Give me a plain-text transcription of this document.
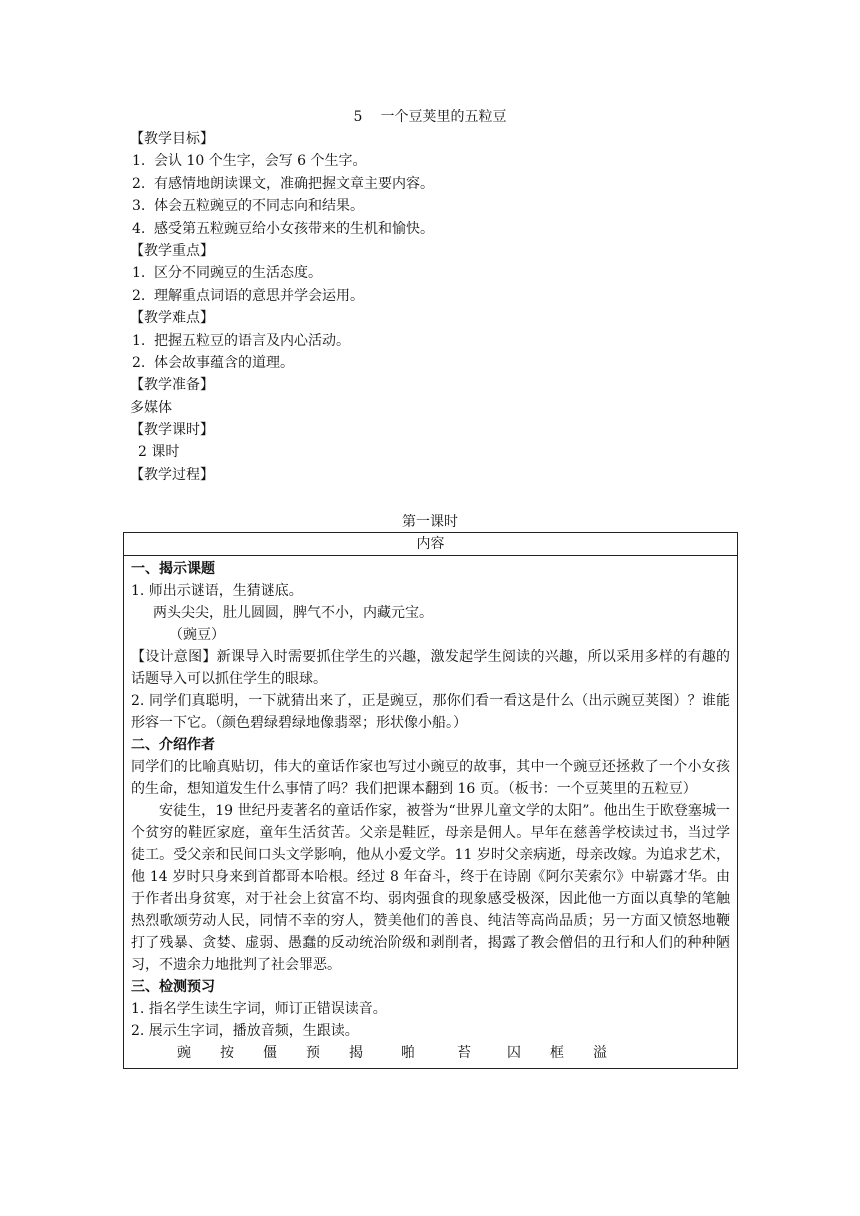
5 一个豆荚里的五粒豆
【教学目标】
1. 会认 10 个生字，会写 6 个生字。
2. 有感情地朗读课文，准确把握文章主要内容。
3. 体会五粒豌豆的不同志向和结果。
4. 感受第五粒豌豆给小女孩带来的生机和愉快。
【教学重点】
1. 区分不同豌豆的生活态度。
2. 理解重点词语的意思并学会运用。
【教学难点】
1. 把握五粒豆的语言及内心活动。
2. 体会故事蕴含的道理。
【教学准备】
多媒体
【教学课时】
2 课时
【教学过程】
第一课时
内容

一、揭示课题
1. 师出示谜语，生猜谜底。
两头尖尖，肚儿圆圆，脾气不小，内藏元宝。
（豌豆）
【设计意图】新课导入时需要抓住学生的兴趣，激发起学生阅读的兴趣，所以采用多样的有趣的话题导入可以抓住学生的眼球。
2. 同学们真聪明，一下就猜出来了，正是豌豆，那你们看一看这是什么（出示豌豆荚图）？谁能形容一下它。（颜色碧绿碧绿地像翡翠；形状像小船。）
二、介绍作者
同学们的比喻真贴切，伟大的童话作家也写过小豌豆的故事，其中一个豌豆还拯救了一个小女孩的生命，想知道发生什么事情了吗？我们把课本翻到 16 页。（板书：一个豆荚里的五粒豆）
安徒生，19 世纪丹麦著名的童话作家，被誉为“世界儿童文学的太阳”。他出生于欧登塞城一个贫穷的鞋匠家庭，童年生活贫苦。父亲是鞋匠，母亲是佣人。早年在慈善学校读过书，当过学徒工。受父亲和民间口头文学影响，他从小爱文学。11 岁时父亲病逝，母亲改嫁。为追求艺术，他 14 岁时只身来到首都哥本哈根。经过 8 年奋斗，终于在诗剧《阿尔芙索尔》中崭露才华。由于作者出身贫寒，对于社会上贫富不均、弱肉强食的现象感受极深，因此他一方面以真挚的笔触热烈歌颂劳动人民，同情不幸的穷人，赞美他们的善良、纯洁等高尚品质；另一方面又愤怒地鞭打了残暴、贪婪、虚弱、愚蠢的反动统治阶级和剥削者，揭露了教会僧侣的丑行和人们的种种陋习，不遗余力地批判了社会罪恶。
三、检测预习
1. 指名学生读生字词，师订正错误读音。
2. 展示生字词，播放音频，生跟读。
豌	按	僵	预	揭	啪	苔	囚	框	溢
